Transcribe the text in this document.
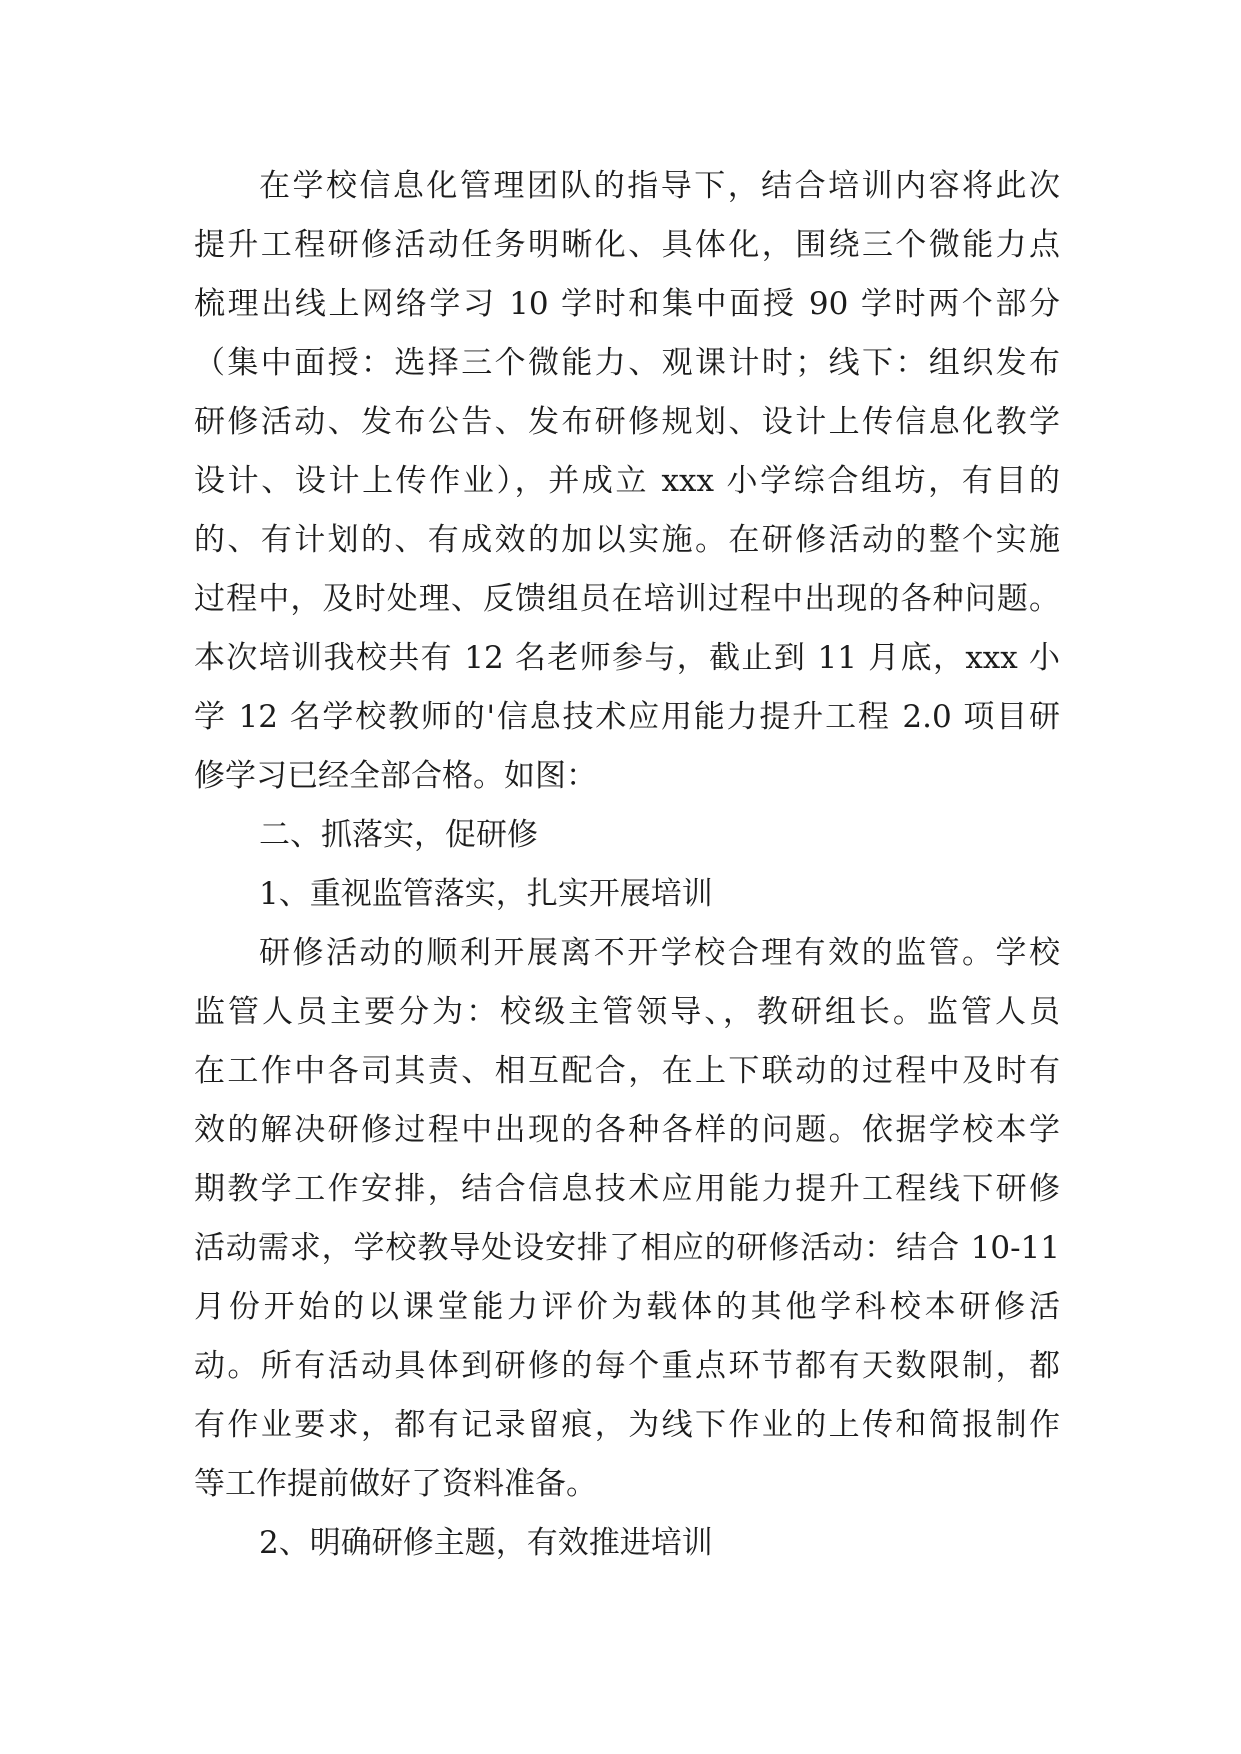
在学校信息化管理团队的指导下，结合培训内容将此次
提升工程研修活动任务明晰化、具体化，围绕三个微能力点
梳理出线上网络学习 10 学时和集中面授 90 学时两个部分
（集中面授：选择三个微能力、观课计时；线下：组织发布
研修活动、发布公告、发布研修规划、设计上传信息化教学
设计、设计上传作业），并成立 xxx 小学综合组坊，有目的
的、有计划的、有成效的加以实施。在研修活动的整个实施
过程中，及时处理、反馈组员在培训过程中出现的各种问题。
本次培训我校共有 12 名老师参与，截止到 11 月底，xxx 小
学 12 名学校教师的'信息技术应用能力提升工程 2.0 项目研
修学习已经全部合格。如图：
二、抓落实，促研修
1、重视监管落实，扎实开展培训
研修活动的顺利开展离不开学校合理有效的监管。学校
监管人员主要分为：校级主管领导、，教研组长。监管人员
在工作中各司其责、相互配合，在上下联动的过程中及时有
效的解决研修过程中出现的各种各样的问题。依据学校本学
期教学工作安排，结合信息技术应用能力提升工程线下研修
活动需求，学校教导处设安排了相应的研修活动：结合 10-11
月份开始的以课堂能力评价为载体的其他学科校本研修活
动。所有活动具体到研修的每个重点环节都有天数限制，都
有作业要求，都有记录留痕，为线下作业的上传和简报制作
等工作提前做好了资料准备。
2、明确研修主题，有效推进培训
